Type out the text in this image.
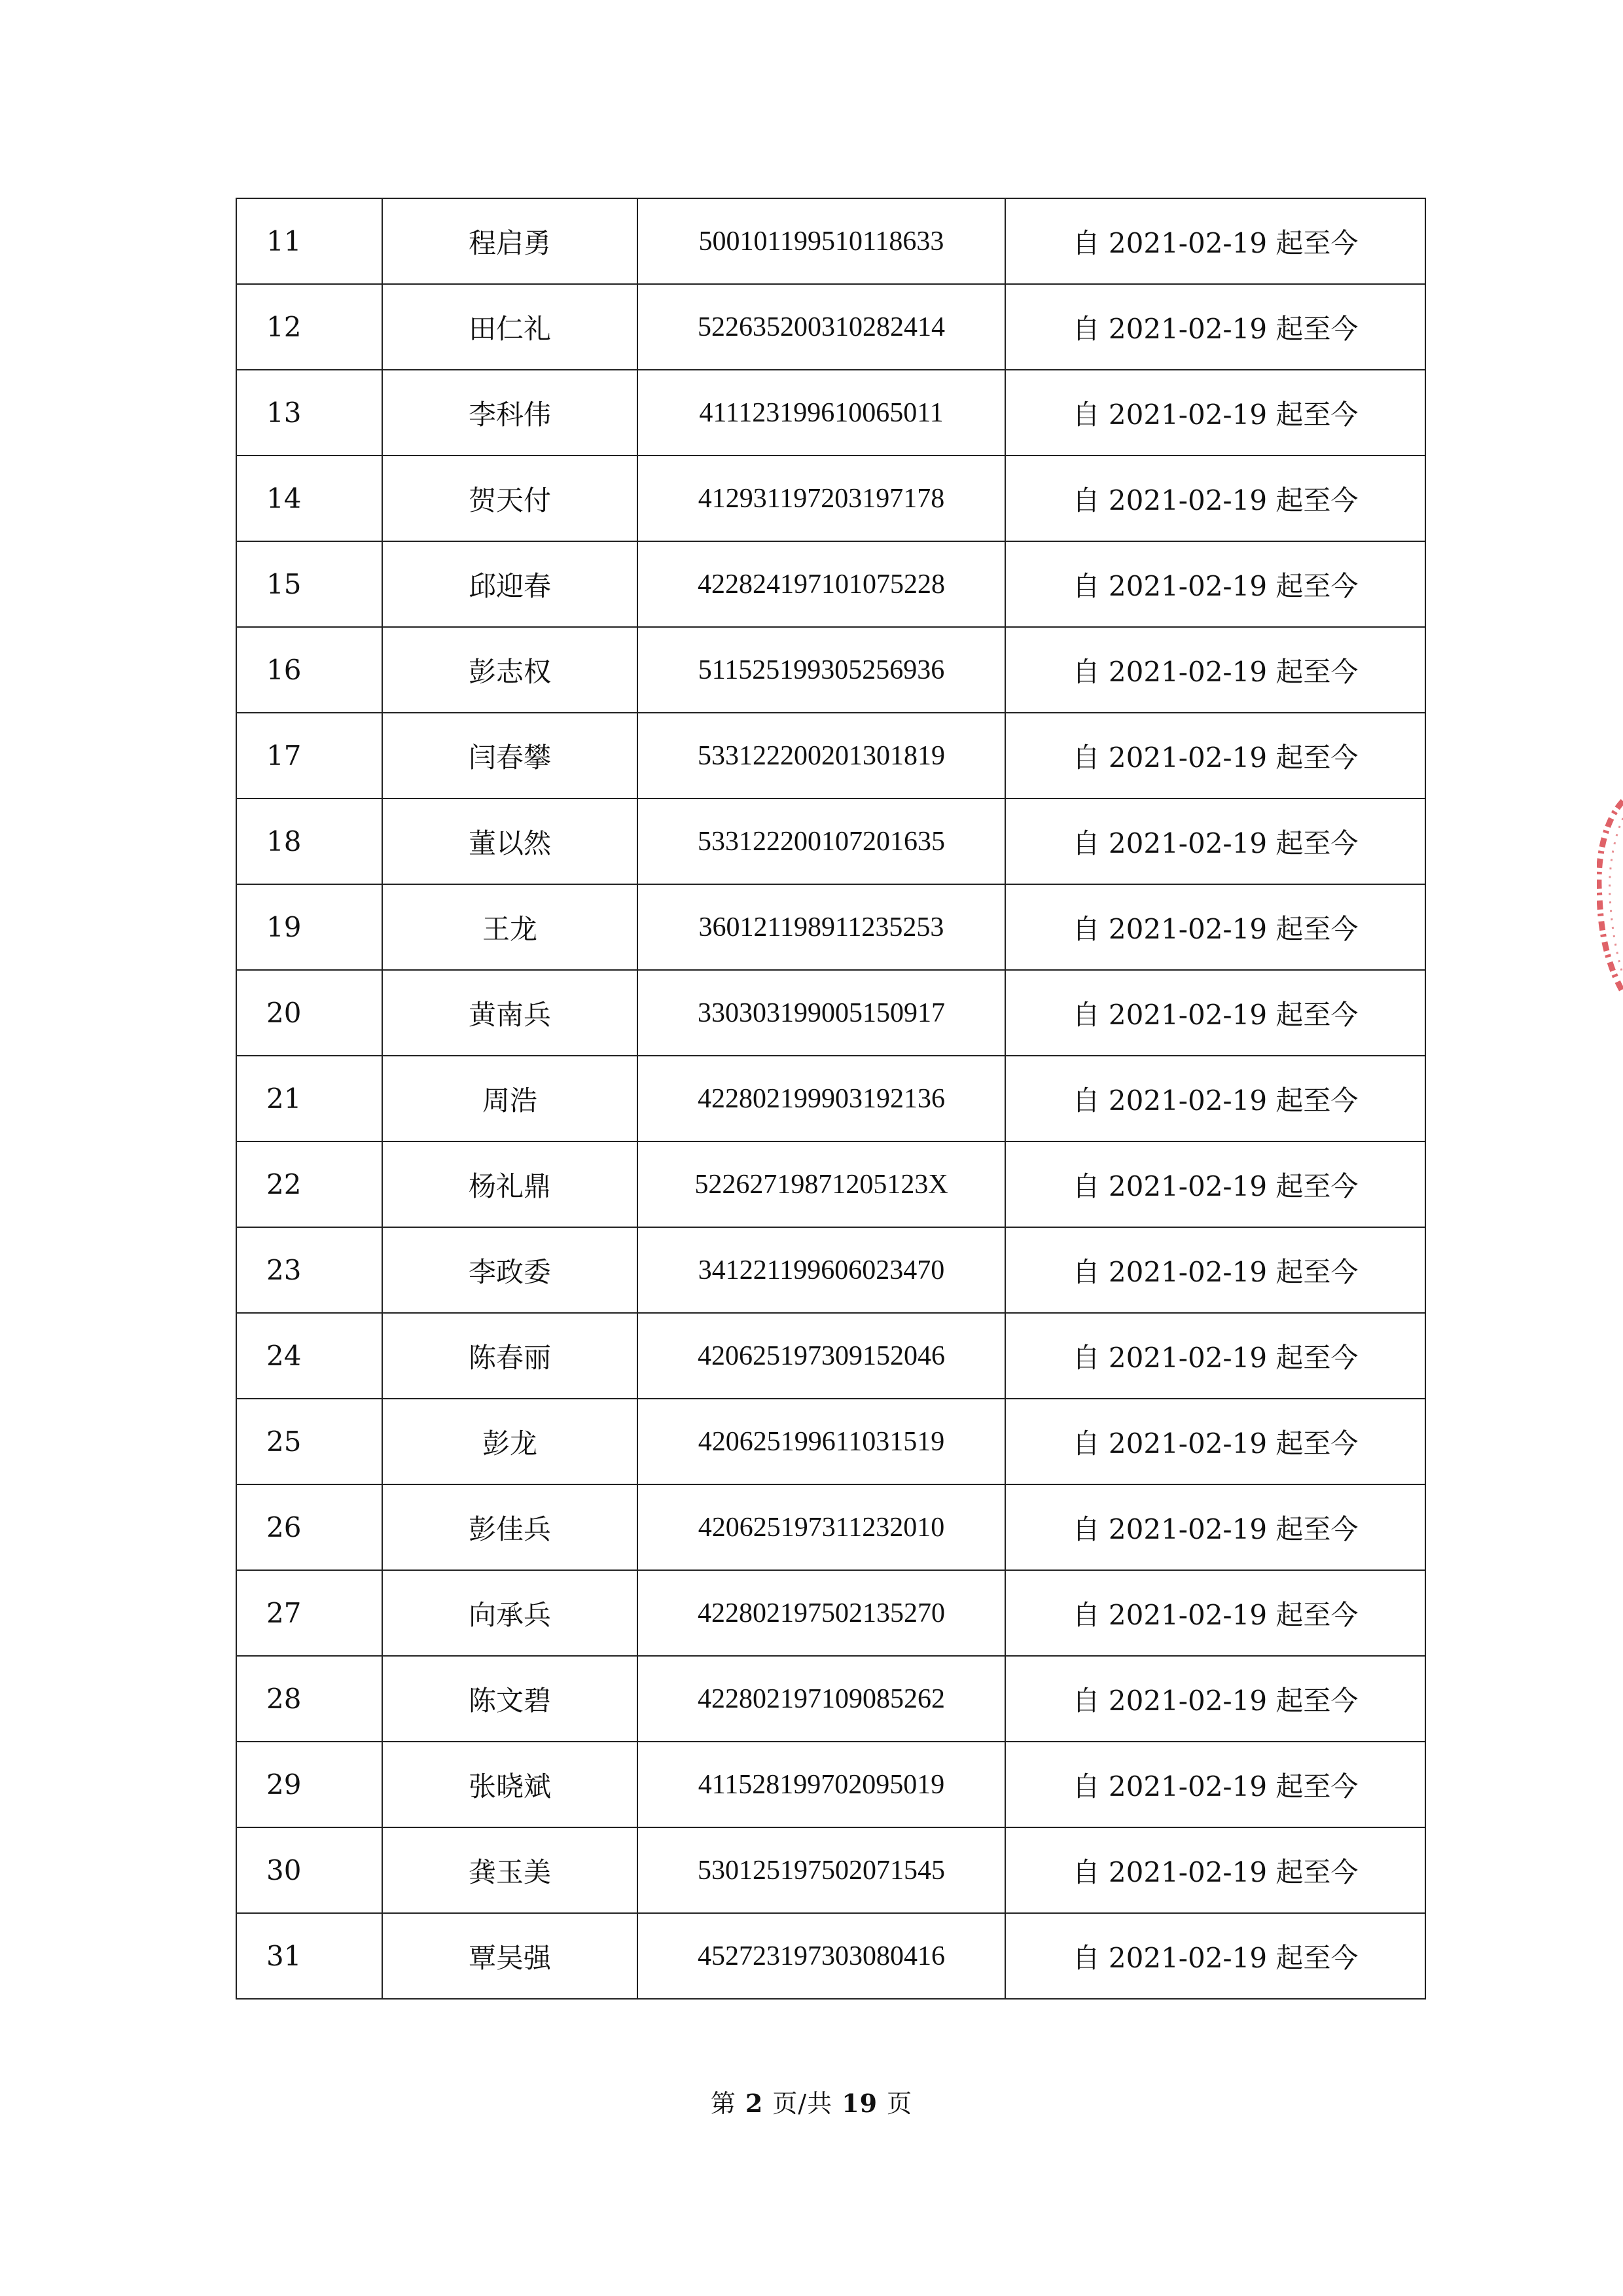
11	程启勇	500101199510118633	自 2021-02-19 起至今
12	田仁礼	522635200310282414	自 2021-02-19 起至今
13	李科伟	411123199610065011	自 2021-02-19 起至今
14	贺天付	412931197203197178	自 2021-02-19 起至今
15	邱迎春	422824197101075228	自 2021-02-19 起至今
16	彭志权	511525199305256936	自 2021-02-19 起至今
17	闫春攀	533122200201301819	自 2021-02-19 起至今
18	董以然	533122200107201635	自 2021-02-19 起至今
19	王龙	360121198911235253	自 2021-02-19 起至今
20	黄南兵	330303199005150917	自 2021-02-19 起至今
21	周浩	422802199903192136	自 2021-02-19 起至今
22	杨礼鼎	52262719871205123X	自 2021-02-19 起至今
23	李政委	341221199606023470	自 2021-02-19 起至今
24	陈春丽	420625197309152046	自 2021-02-19 起至今
25	彭龙	420625199611031519	自 2021-02-19 起至今
26	彭佳兵	420625197311232010	自 2021-02-19 起至今
27	向承兵	422802197502135270	自 2021-02-19 起至今
28	陈文碧	422802197109085262	自 2021-02-19 起至今
29	张晓斌	411528199702095019	自 2021-02-19 起至今
30	龚玉美	530125197502071545	自 2021-02-19 起至今
31	覃吴强	452723197303080416	自 2021-02-19 起至今
第 2 页/共 19 页
